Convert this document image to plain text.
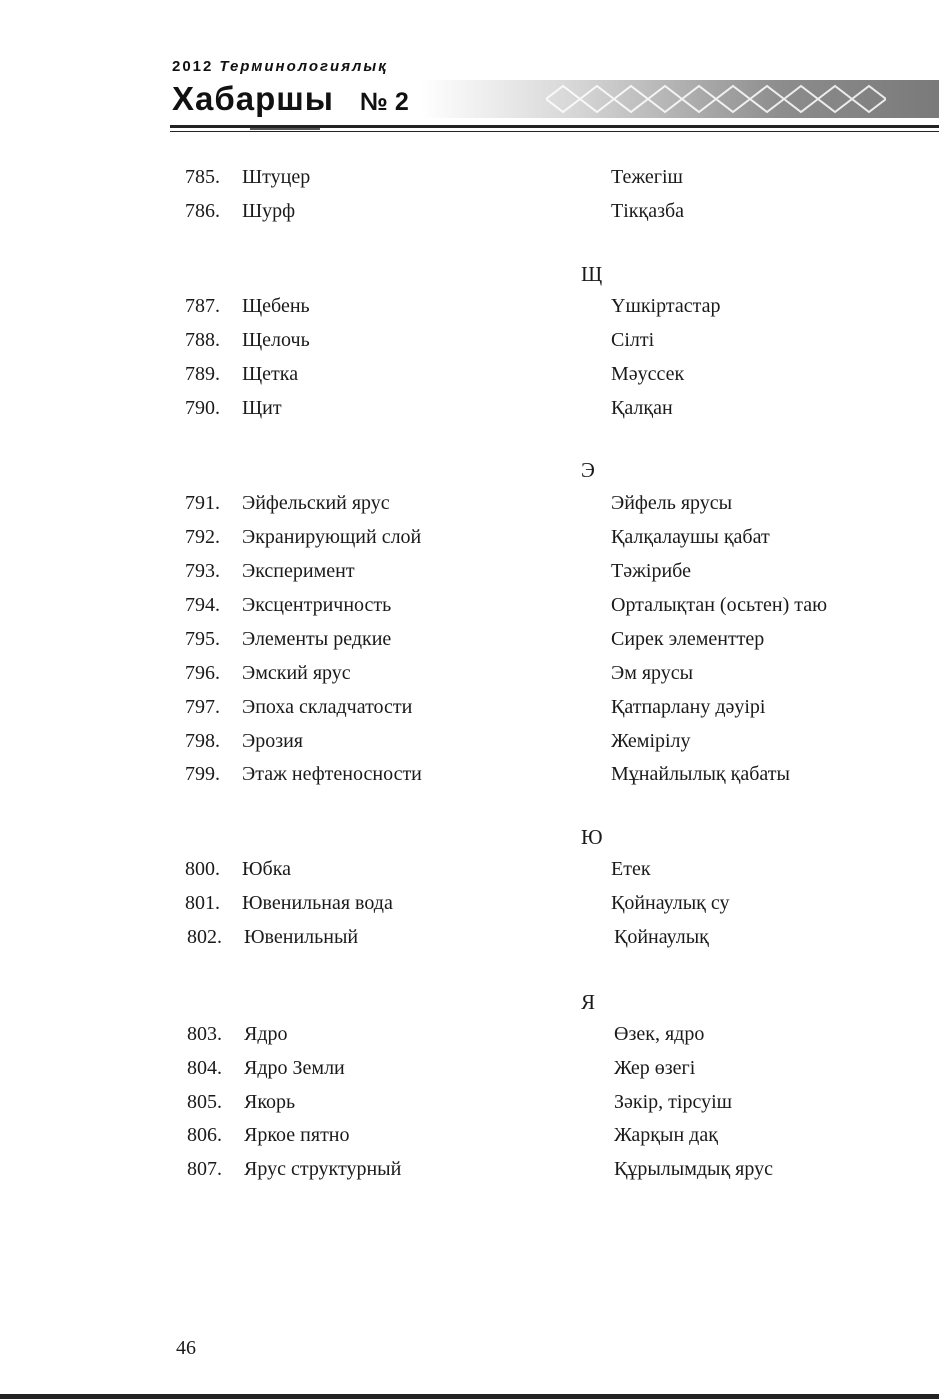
2012 Терминологиялық
Хабаршы № 2
785. Штуцер	Тежегіш
786. Шурф	Тікқазба
Щ
787. Щебень	Үшкіртастар
788. Щелочь	Сілті
789. Щетка	Мәуссек
790. Щит	Қалқан
Э
791. Эйфельский ярус	Эйфель ярусы
792. Экранирующий слой	Қалқалаушы қабат
793. Эксперимент	Тәжірибе
794. Эксцентричность	Орталықтан (осьтен) таю
795. Элементы редкие	Сирек элементтер
796. Эмский ярус	Эм ярусы
797. Эпоха складчатости	Қатпарлану дәуірі
798. Эрозия	Жемірілу
799. Этаж нефтеносности	Мұнайлылық қабаты
Ю
800. Юбка	Етек
801. Ювенильная вода	Қойнаулық су
802. Ювенильный	Қойнаулық
Я
803. Ядро	Өзек, ядро
804. Ядро Земли	Жер өзегі
805. Якорь	Зәкір, тірсуіш
806. Яркое пятно	Жарқын дақ
807. Ярус структурный	Құрылымдық ярус
46
